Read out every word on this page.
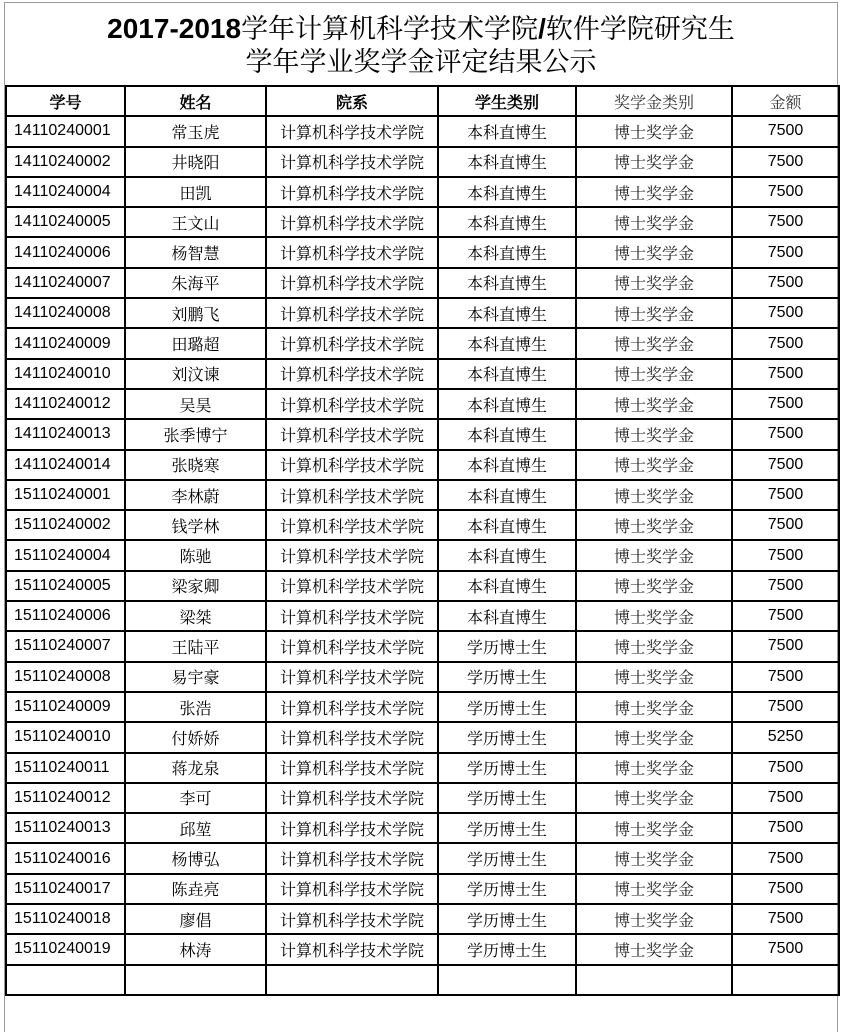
2017-2018学年计算机科学技术学院/软件学院研究生
学年学业奖学金评定结果公示
学号	姓名	院系	学生类别	奖学金类别	金额
14110240001	常玉虎	计算机科学技术学院	本科直博生	博士奖学金	7500
14110240002	井晓阳	计算机科学技术学院	本科直博生	博士奖学金	7500
14110240004	田凯	计算机科学技术学院	本科直博生	博士奖学金	7500
14110240005	王文山	计算机科学技术学院	本科直博生	博士奖学金	7500
14110240006	杨智慧	计算机科学技术学院	本科直博生	博士奖学金	7500
14110240007	朱海平	计算机科学技术学院	本科直博生	博士奖学金	7500
14110240008	刘鹏飞	计算机科学技术学院	本科直博生	博士奖学金	7500
14110240009	田璐超	计算机科学技术学院	本科直博生	博士奖学金	7500
14110240010	刘汶谏	计算机科学技术学院	本科直博生	博士奖学金	7500
14110240012	吴昊	计算机科学技术学院	本科直博生	博士奖学金	7500
14110240013	张季博宁	计算机科学技术学院	本科直博生	博士奖学金	7500
14110240014	张晓寒	计算机科学技术学院	本科直博生	博士奖学金	7500
15110240001	李林蔚	计算机科学技术学院	本科直博生	博士奖学金	7500
15110240002	钱学林	计算机科学技术学院	本科直博生	博士奖学金	7500
15110240004	陈驰	计算机科学技术学院	本科直博生	博士奖学金	7500
15110240005	梁家卿	计算机科学技术学院	本科直博生	博士奖学金	7500
15110240006	梁桀	计算机科学技术学院	本科直博生	博士奖学金	7500
15110240007	王陆平	计算机科学技术学院	学历博士生	博士奖学金	7500
15110240008	易宇豪	计算机科学技术学院	学历博士生	博士奖学金	7500
15110240009	张浩	计算机科学技术学院	学历博士生	博士奖学金	7500
15110240010	付娇娇	计算机科学技术学院	学历博士生	博士奖学金	5250
15110240011	蒋龙泉	计算机科学技术学院	学历博士生	博士奖学金	7500
15110240012	李可	计算机科学技术学院	学历博士生	博士奖学金	7500
15110240013	邱堃	计算机科学技术学院	学历博士生	博士奖学金	7500
15110240016	杨博弘	计算机科学技术学院	学历博士生	博士奖学金	7500
15110240017	陈垚亮	计算机科学技术学院	学历博士生	博士奖学金	7500
15110240018	廖倡	计算机科学技术学院	学历博士生	博士奖学金	7500
15110240019	林涛	计算机科学技术学院	学历博士生	博士奖学金	7500
